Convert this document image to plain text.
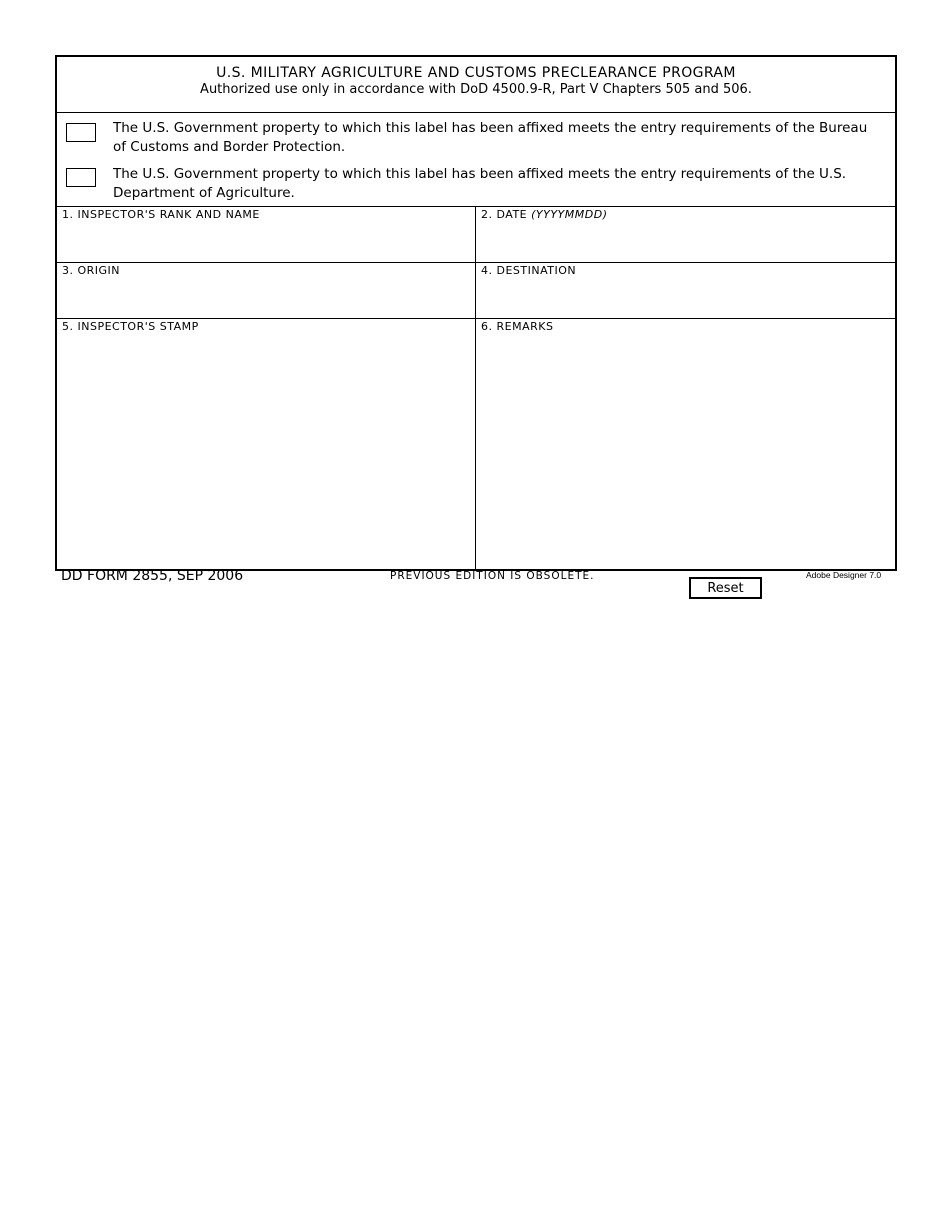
U.S. MILITARY AGRICULTURE AND CUSTOMS PRECLEARANCE PROGRAM
Authorized use only in accordance with DoD 4500.9-R, Part V Chapters 505 and 506.
The U.S. Government property to which this label has been affixed meets the entry requirements of the Bureau of Customs and Border Protection.
The U.S. Government property to which this label has been affixed meets the entry requirements of the U.S. Department of Agriculture.
1. INSPECTOR'S RANK AND NAME	2. DATE (YYYYMMDD)
3. ORIGIN	4. DESTINATION
5. INSPECTOR'S STAMP	6. REMARKS
DD FORM 2855, SEP 2006	PREVIOUS EDITION IS OBSOLETE.	Adobe Designer 7.0
Reset
